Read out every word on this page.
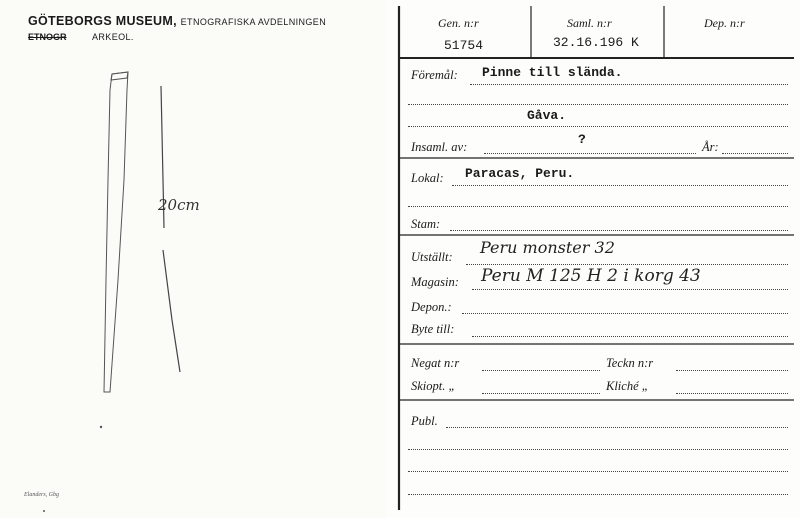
GÖTEBORGS MUSEUM, ETNOGRAFISKA AVDELNINGEN
ETNOGR	ARKEOL.
20cm
Elanders, Gbg
Gen. n:r
51754
Saml. n:r
32.16.196 K
Dep. n:r
Föremål: Pinne till slända.
Gåva.
Insaml. av:	?	År:
Lokal: Paracas, Peru.
Stam:
Utställt: Peru monster 32
Magasin: Peru M 125 H 2 i korg 43
Depon.:
Byte till:
Negat n:r	Teckn n:r
Skiopt. „	Kliché „
Publ.
